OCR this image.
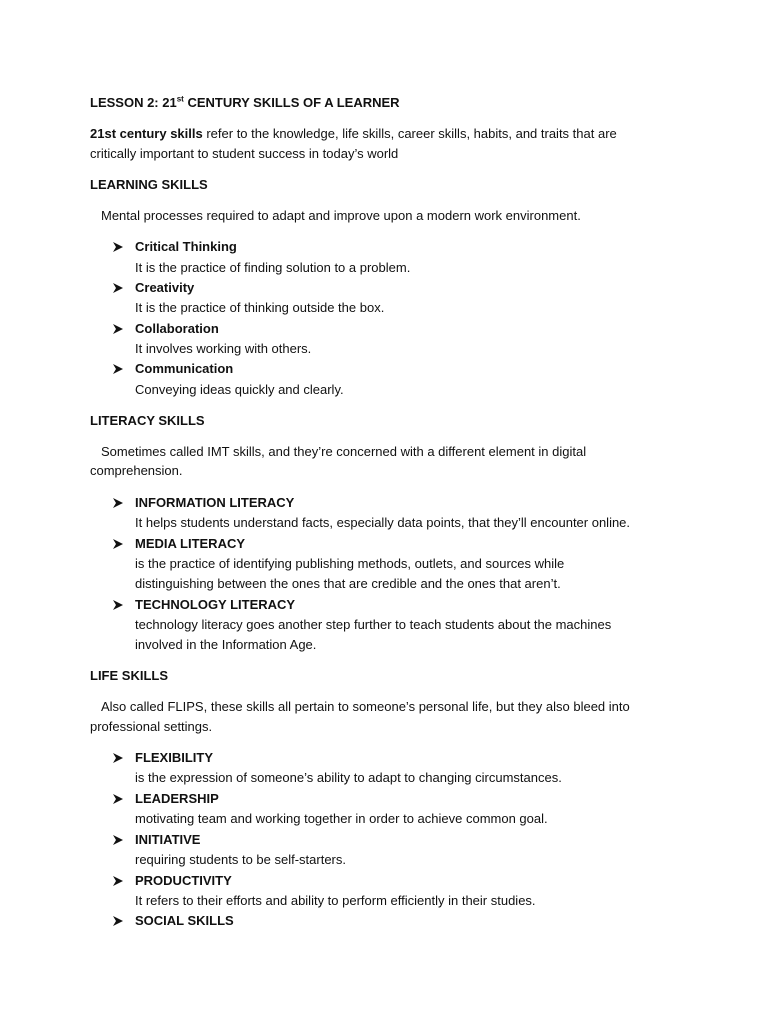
LESSON 2: 21st CENTURY SKILLS OF A LEARNER
21st century skills refer to the knowledge, life skills, career skills, habits, and traits that are
critically important to student success in today’s world
LEARNING SKILLS
Mental processes required to adapt and improve upon a modern work environment.
Critical Thinking
It is the practice of finding solution to a problem.
Creativity
It is the practice of thinking outside the box.
Collaboration
It involves working with others.
Communication
Conveying ideas quickly and clearly.
LITERACY SKILLS
Sometimes called IMT skills, and they’re concerned with a different element in digital
comprehension.
INFORMATION LITERACY
It helps students understand facts, especially data points, that they’ll encounter online.
MEDIA LITERACY
is the practice of identifying publishing methods, outlets, and sources while
distinguishing between the ones that are credible and the ones that aren’t.
TECHNOLOGY LITERACY
technology literacy goes another step further to teach students about the machines
involved in the Information Age.
LIFE SKILLS
Also called FLIPS, these skills all pertain to someone’s personal life, but they also bleed into
professional settings.
FLEXIBILITY
is the expression of someone’s ability to adapt to changing circumstances.
LEADERSHIP
motivating team and working together in order to achieve common goal.
INITIATIVE
requiring students to be self-starters.
PRODUCTIVITY
It refers to their efforts and ability to perform efficiently in their studies.
SOCIAL SKILLS
